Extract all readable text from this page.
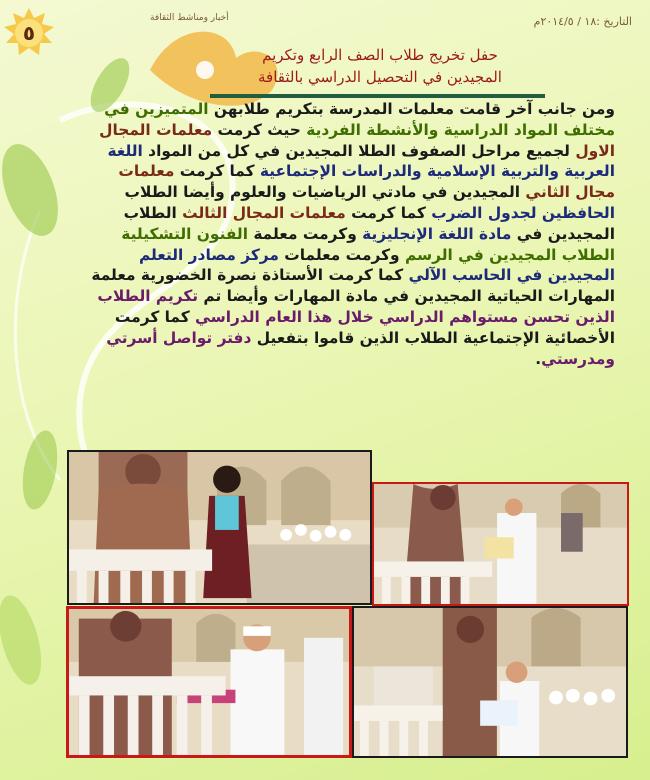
٥
أخبار ومناشط الثقافة	التاريخ :١٨ / ٢٠١٤/٥م
حفل تخريج طلاب الصف الرابع وتكريم
المجيدين في التحصيل الدراسي بالثقافة

ومن جانب آخر قامت معلمات المدرسة بتكريم طلابهن المتميزين في مختلف المواد الدراسية والأنشطة الفردية حيث كرمت معلمات المجال الاول لجميع مراحل الصفوف الطلا المجيدين في كل من المواد اللغة العربية والتربية الإسلامية والدراسات الإجتماعية كما كرمت معلمات مجال الثاني المجيدين في مادتي الرياضيات والعلوم وأيضا الطلاب الحافظين لجدول الضرب كما كرمت معلمات المجال الثالث الطلاب المجيدين في مادة اللغة الإنجليزية وكرمت معلمة الفنون التشكيلية الطلاب المجيدين في الرسم وكرمت معلمات مركز مصادر التعلم المجيدين في الحاسب الآلي كما كرمت الأستاذة نصرة الخضورية معلمة المهارات الحياتية المجيدين في مادة المهارات وأيضا تم تكريم الطلاب الذين تحسن مستواهم الدراسي خلال هذا العام الدراسي كما كرمت الأخصائية الإجتماعية الطلاب الذين قاموا بتفعيل دفتر تواصل أسرتي ومدرستي.
